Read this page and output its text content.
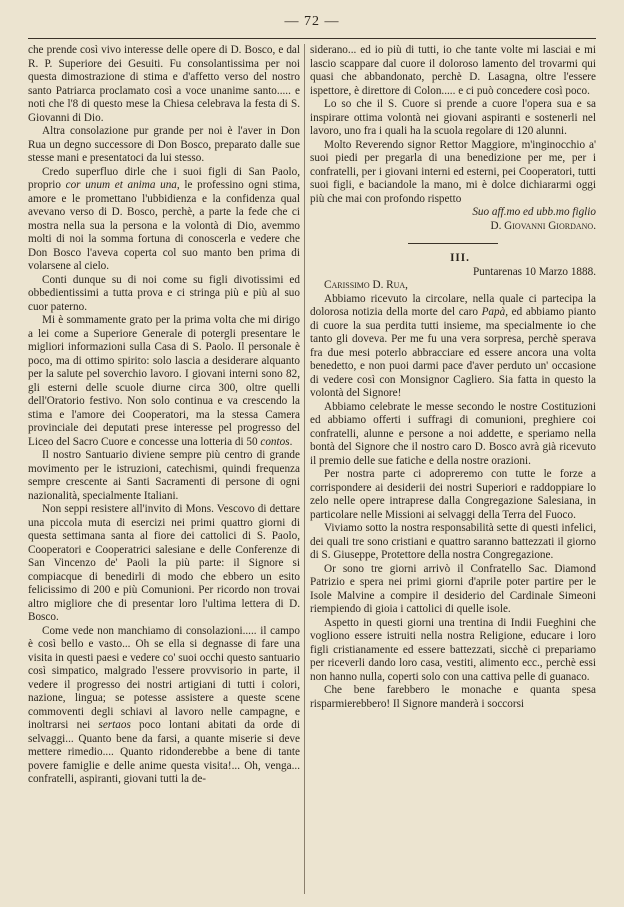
— 72 —

che prende così vivo interesse delle opere di D. Bosco, e dal R. P. Superiore dei Gesuiti. Fu consolantissima per noi questa dimostrazione di stima e d'affetto verso del nostro santo Patriarca proclamato così a voce unanime santo..... e noti che l'8 di questo mese la Chiesa celebrava la festa di S. Giovanni di Dio.

Altra consolazione pur grande per noi è l'aver in Don Rua un degno successore di Don Bosco, preparato dalle sue stesse mani e presentatoci da lui stesso.

Credo superfluo dirle che i suoi figli di San Paolo, proprio cor unum et anima una, le professino ogni stima, amore e le promettano l'ubbidienza e la confidenza qual avevano verso di D. Bosco, perchè, a parte la fede che ci mostra nella sua la persona e la volontà di Dio, avemmo molti di noi la somma fortuna di conoscerla e vedere che Don Bosco l'aveva coperta col suo manto ben prima di volarsene al cielo.

Conti dunque su di noi come su figli divotissimi ed obbedientissimi a tutta prova e ci stringa più e più al suo cuor paterno.

Mi è sommamente grato per la prima volta che mi dirigo a lei come a Superiore Generale di potergli presentare le migliori informazioni sulla Casa di S. Paolo. Il personale è poco, ma di ottimo spirito: solo lascia a desiderare alquanto per la salute pel soverchio lavoro. I giovani interni sono 82, gli esterni delle scuole diurne circa 300, oltre quelli dell'Oratorio festivo. Non solo continua e va crescendo la stima e l'amore dei Cooperatori, ma la stessa Camera provinciale dei deputati prese interesse pel progresso del Liceo del Sacro Cuore e concesse una lotteria di 50 contos.

Il nostro Santuario diviene sempre più centro di grande movimento per le istruzioni, catechismi, quindi frequenza sempre crescente ai Santi Sacramenti di persone di ogni nazionalità, specialmente Italiani.

Non seppi resistere all'invito di Mons. Vescovo di dettare una piccola muta di esercizi nei primi quattro giorni di questa settimana santa al fiore dei cattolici di S. Paolo, Cooperatori e Cooperatrici salesiane e delle Conferenze di San Vincenzo de' Paoli la più parte: il Signore si compiacque di benedirli di modo che ebbero un esito felicissimo di 200 e più Comunioni. Per ricordo non trovai altro migliore che di presentar loro l'ultima lettera di D. Bosco.

Come vede non manchiamo di consolazioni..... il campo è così bello e vasto... Oh se ella si degnasse di fare una visita in questi paesi e vedere co' suoi occhi questo santuario così simpatico, malgrado l'essere provvisorio in parte, il vedere il progresso dei nostri artigiani di tutti i colori, nazione, lingua; se potesse assistere a queste scene commoventi degli schiavi al lavoro nelle campagne, e inoltrarsi nei sertaos poco lontani abitati da orde di selvaggi... Quanto bene da farsi, a quante miserie si deve mettere rimedio.... Quanto ridonderebbe a bene di tante povere famiglie e delle anime questa visita!... Oh, venga... confratelli, aspiranti, giovani tutti la de-

siderano... ed io più di tutti, io che tante volte mi lasciai e mi lascio scappare dal cuore il doloroso lamento del trovarmi qui quasi che abbandonato, perchè D. Lasagna, oltre l'essere ispettore, è direttore di Colon..... e ci può concedere così poco.

Lo so che il S. Cuore si prende a cuore l'opera sua e sa inspirare ottima volontà nei giovani aspiranti e sostenerli nel lavoro, uno fra i quali ha la scuola regolare di 120 alunni.

Molto Reverendo signor Rettor Maggiore, m'inginocchio a' suoi piedi per pregarla di una benedizione per me, per i confratelli, per i giovani interni ed esterni, pei Cooperatori, tutti suoi figli, e baciandole la mano, mi è dolce dichiararmi oggi più che mai con profondo rispetto

Suo aff.mo ed ubb.mo figlio

D. Giovanni Giordano.

III.

Puntarenas 10 Marzo 1888.

Carissimo D. Rua,

Abbiamo ricevuto la circolare, nella quale ci partecipa la dolorosa notizia della morte del caro Papà, ed abbiamo pianto di cuore la sua perdita tutti insieme, ma specialmente io che tanto gli doveva. Per me fu una vera sorpresa, perchè sperava fra due mesi poterlo abbracciare ed essere ancora una volta benedetto, e non puoi darmi pace d'aver perduto un' occasione di vedere così con Monsignor Cagliero. Sia fatta in questo la volontà del Signore!

Abbiamo celebrate le messe secondo le nostre Costituzioni ed abbiamo offerti i suffragi di comunioni, preghiere coi confratelli, alunne e persone a noi addette, e speriamo nella bontà del Signore che il nostro caro D. Bosco avrà già ricevuto il premio delle sue fatiche e della nostre orazioni.

Per nostra parte ci adopreremo con tutte le forze a corrispondere ai desiderii dei nostri Superiori e raddoppiare lo zelo nelle opere intraprese dalla Congregazione Salesiana, in particolare nelle Missioni ai selvaggi della Terra del Fuoco.

Viviamo sotto la nostra responsabilità sette di questi infelici, dei quali tre sono cristiani e quattro saranno battezzati il giorno di S. Giuseppe, Protettore della nostra Congregazione.

Or sono tre giorni arrivò il Confratello Sac. Diamond Patrizio e spera nei primi giorni d'aprile poter partire per le Isole Malvine a compire il desiderio del Cardinale Simeoni riempiendo di gioia i cattolici di quelle isole.

Aspetto in questi giorni una trentina di Indii Fueghini che vogliono essere istruiti nella nostra Religione, educare i loro figli cristianamente ed essere battezzati, sicchè ci prepariamo per riceverli dando loro casa, vestiti, alimento ecc., perchè essi non hanno nulla, coperti solo con una cattiva pelle di guanaco.

Che bene farebbero le monache e quanta spesa risparmierebbero! Il Signore manderà i soccorsi
